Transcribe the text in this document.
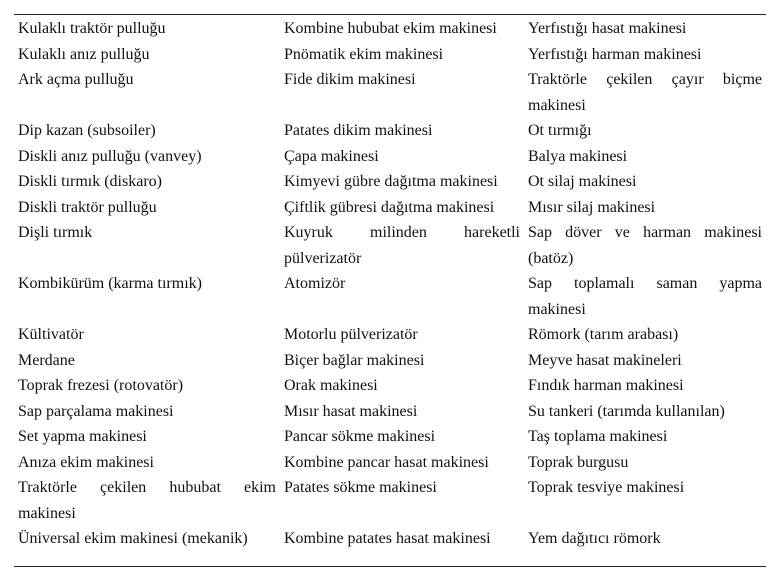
Kulaklı traktör pulluğu	Kombine hububat ekim makinesi	Yerfıstığı hasat makinesi
Kulaklı anız pulluğu	Pnömatik ekim makinesi	Yerfıstığı harman makinesi
Ark açma pulluğu	Fide dikim makinesi	Traktörle çekilen çayır biçme makinesi
Dip kazan (subsoiler)	Patates dikim makinesi	Ot tırmığı
Diskli anız pulluğu (vanvey)	Çapa makinesi	Balya makinesi
Diskli tırmık (diskaro)	Kimyevi gübre dağıtma makinesi	Ot silaj makinesi
Diskli traktör pulluğu	Çiftlik gübresi dağıtma makinesi	Mısır silaj makinesi
Dişli tırmık	Kuyruk milinden hareketli pülverizatör	Sap döver ve harman makinesi (batöz)
Kombikürüm (karma tırmık)	Atomizör	Sap toplamalı saman yapma makinesi
Kültivatör	Motorlu pülverizatör	Römork (tarım arabası)
Merdane	Biçer bağlar makinesi	Meyve hasat makineleri
Toprak frezesi (rotovatör)	Orak makinesi	Fındık harman makinesi
Sap parçalama makinesi	Mısır hasat makinesi	Su tankeri (tarımda kullanılan)
Set yapma makinesi	Pancar sökme makinesi	Taş toplama makinesi
Anıza ekim makinesi	Kombine pancar hasat makinesi	Toprak burgusu
Traktörle çekilen hububat ekim makinesi	Patates sökme makinesi	Toprak tesviye makinesi
Üniversal ekim makinesi (mekanik)	Kombine patates hasat makinesi	Yem dağıtıcı römork
